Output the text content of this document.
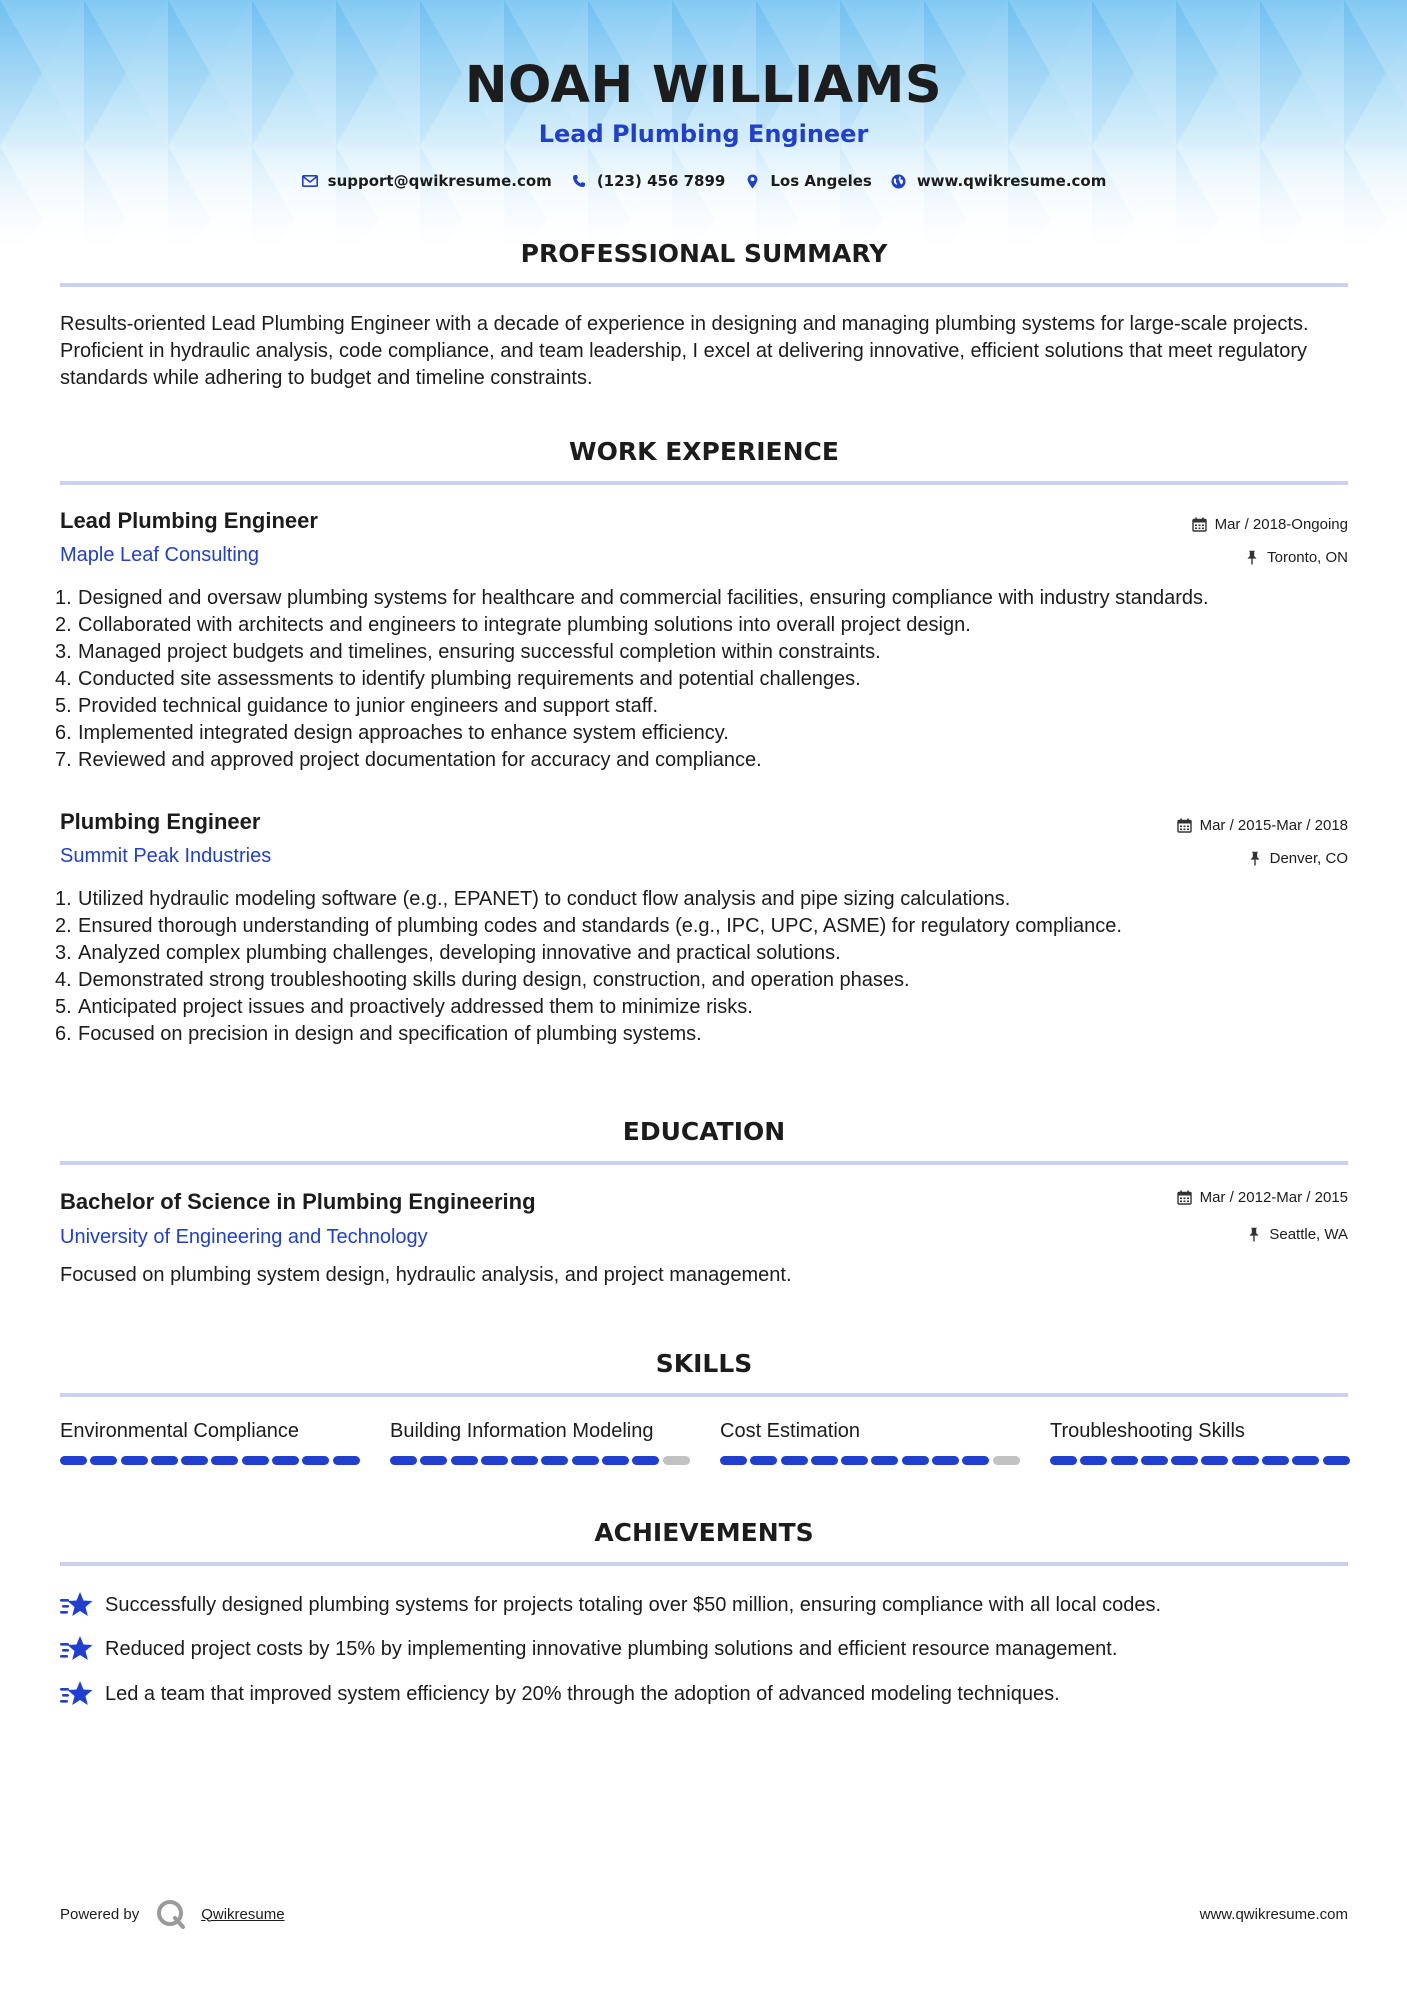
NOAH WILLIAMS
Lead Plumbing Engineer
support@qwikresume.com	(123) 456 7899	Los Angeles	www.qwikresume.com
PROFESSIONAL SUMMARY
Results-oriented Lead Plumbing Engineer with a decade of experience in designing and managing plumbing systems for large-scale projects. Proficient in hydraulic analysis, code compliance, and team leadership, I excel at delivering innovative, efficient solutions that meet regulatory standards while adhering to budget and timeline constraints.
WORK EXPERIENCE
Lead Plumbing Engineer
Maple Leaf Consulting
Mar / 2018-Ongoing
Toronto, ON
1. Designed and oversaw plumbing systems for healthcare and commercial facilities, ensuring compliance with industry standards.
2. Collaborated with architects and engineers to integrate plumbing solutions into overall project design.
3. Managed project budgets and timelines, ensuring successful completion within constraints.
4. Conducted site assessments to identify plumbing requirements and potential challenges.
5. Provided technical guidance to junior engineers and support staff.
6. Implemented integrated design approaches to enhance system efficiency.
7. Reviewed and approved project documentation for accuracy and compliance.
Plumbing Engineer
Summit Peak Industries
Mar / 2015-Mar / 2018
Denver, CO
1. Utilized hydraulic modeling software (e.g., EPANET) to conduct flow analysis and pipe sizing calculations.
2. Ensured thorough understanding of plumbing codes and standards (e.g., IPC, UPC, ASME) for regulatory compliance.
3. Analyzed complex plumbing challenges, developing innovative and practical solutions.
4. Demonstrated strong troubleshooting skills during design, construction, and operation phases.
5. Anticipated project issues and proactively addressed them to minimize risks.
6. Focused on precision in design and specification of plumbing systems.
EDUCATION
Bachelor of Science in Plumbing Engineering
University of Engineering and Technology
Mar / 2012-Mar / 2015
Seattle, WA
Focused on plumbing system design, hydraulic analysis, and project management.
SKILLS
Environmental Compliance	Building Information Modeling	Cost Estimation	Troubleshooting Skills
ACHIEVEMENTS
Successfully designed plumbing systems for projects totaling over $50 million, ensuring compliance with all local codes.
Reduced project costs by 15% by implementing innovative plumbing solutions and efficient resource management.
Led a team that improved system efficiency by 20% through the adoption of advanced modeling techniques.
Powered by	Qwikresume	www.qwikresume.com
